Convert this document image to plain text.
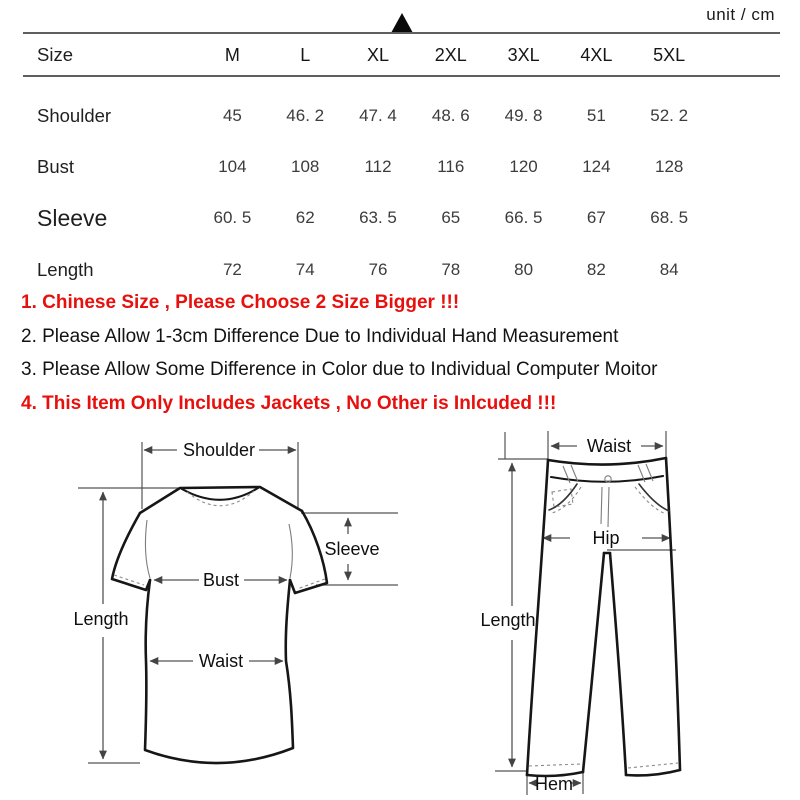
unit / cm
Size	M	L	XL	2XL	3XL	4XL	5XL
Shoulder	45	46. 2	47. 4	48. 6	49. 8	51	52. 2
Bust	104	108	112	116	120	124	128
Sleeve	60. 5	62	63. 5	65	66. 5	67	68. 5
Length	72	74	76	78	80	82	84
1. Chinese Size , Please Choose 2 Size Bigger !!!
2. Please Allow 1-3cm Difference Due to Individual Hand Measurement
3. Please Allow Some Difference in Color due to Individual Computer Moitor
4. This Item Only Includes Jackets , No Other is Inlcuded !!!
Shoulder
Length
Sleeve
Bust
Waist
Waist
Hip
Length
Hem
